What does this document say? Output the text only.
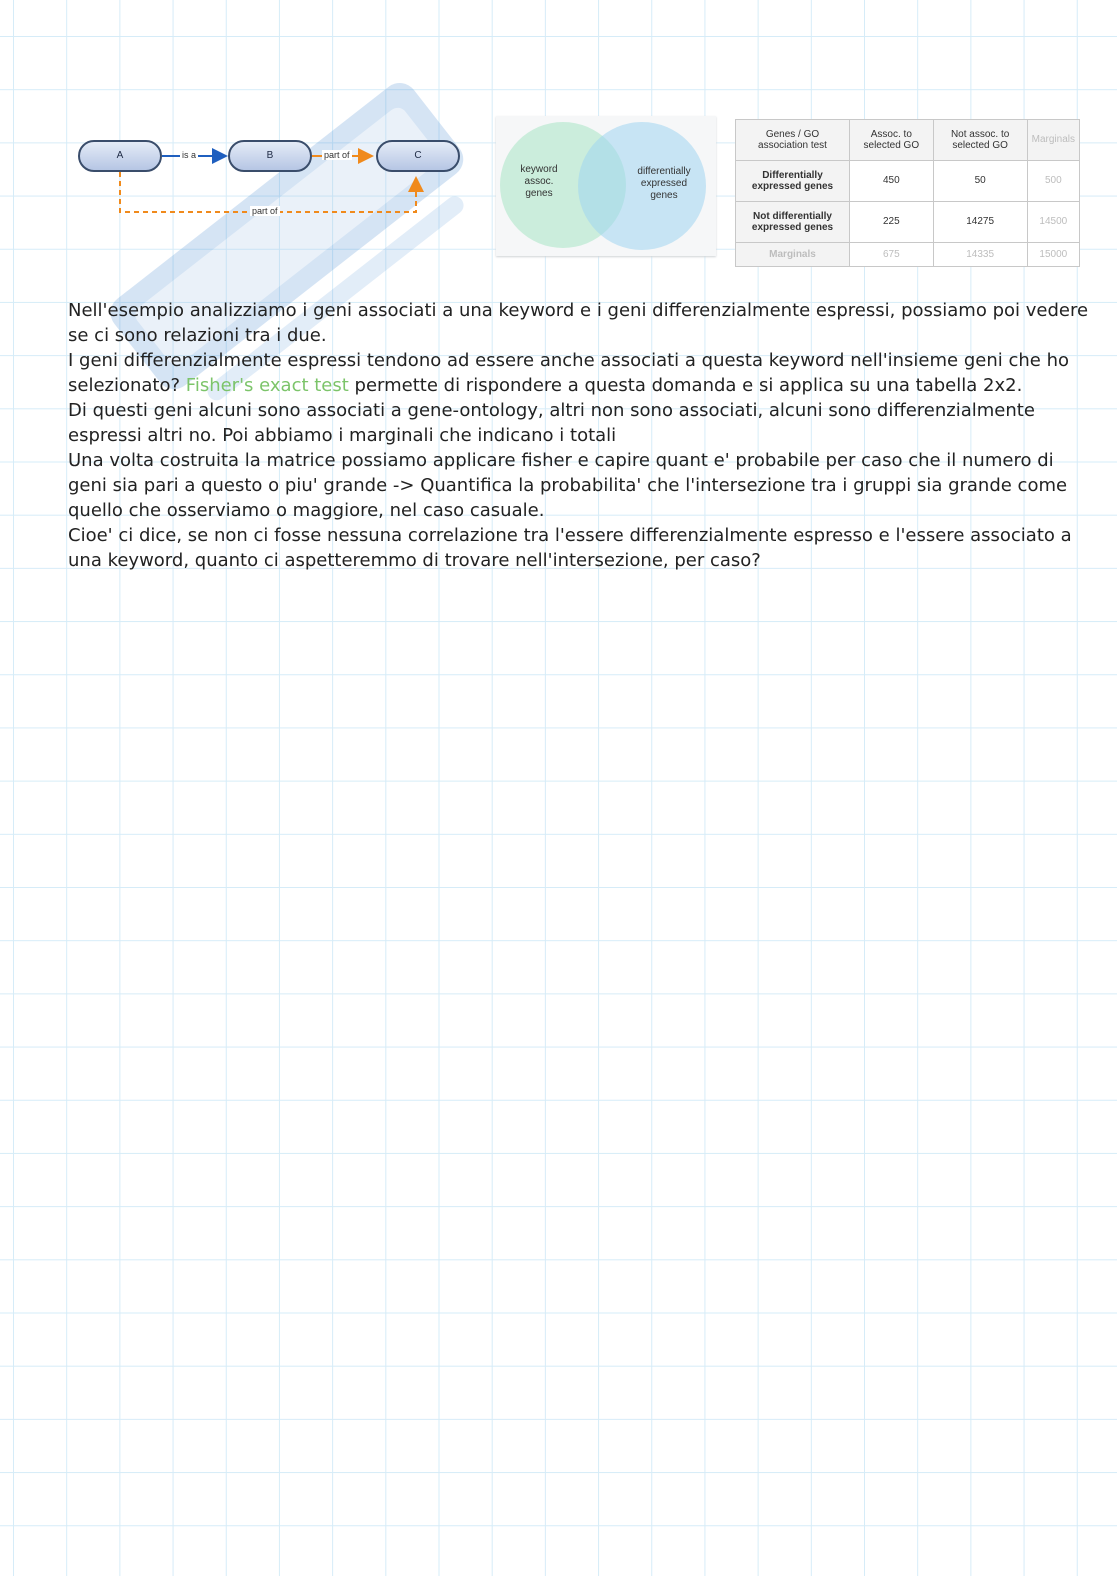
A	B	C
is a	part of
part of
keyword
assoc.
genes
differentially
expressed
genes
Genes / GO association test	Assoc. to selected GO	Not assoc. to selected GO	Marginals
Differentially expressed genes	450	50	500
Not differentially expressed genes	225	14275	14500
Marginals	675	14335	15000

Nell'esempio analizziamo i geni associati a una keyword e i geni differenzialmente espressi, possiamo poi vedere se ci sono relazioni tra i due.

I geni differenzialmente espressi tendono ad essere anche associati a questa keyword nell'insieme geni che ho selezionato? Fisher's exact test permette di rispondere a questa domanda e si applica su una tabella 2x2.

Di questi geni alcuni sono associati a gene-ontology, altri non sono associati, alcuni sono differenzialmente espressi altri no. Poi abbiamo i marginali che indicano i totali

Una volta costruita la matrice possiamo applicare fisher e capire quant e' probabile per caso che il numero di geni sia pari a questo o piu' grande -> Quantifica la probabilita' che l'intersezione tra i gruppi sia grande come quello che osserviamo o maggiore, nel caso casuale.

Cioe' ci dice, se non ci fosse nessuna correlazione tra l'essere differenzialmente espresso e l'essere associato a una keyword, quanto ci aspetteremmo di trovare nell'intersezione, per caso?
